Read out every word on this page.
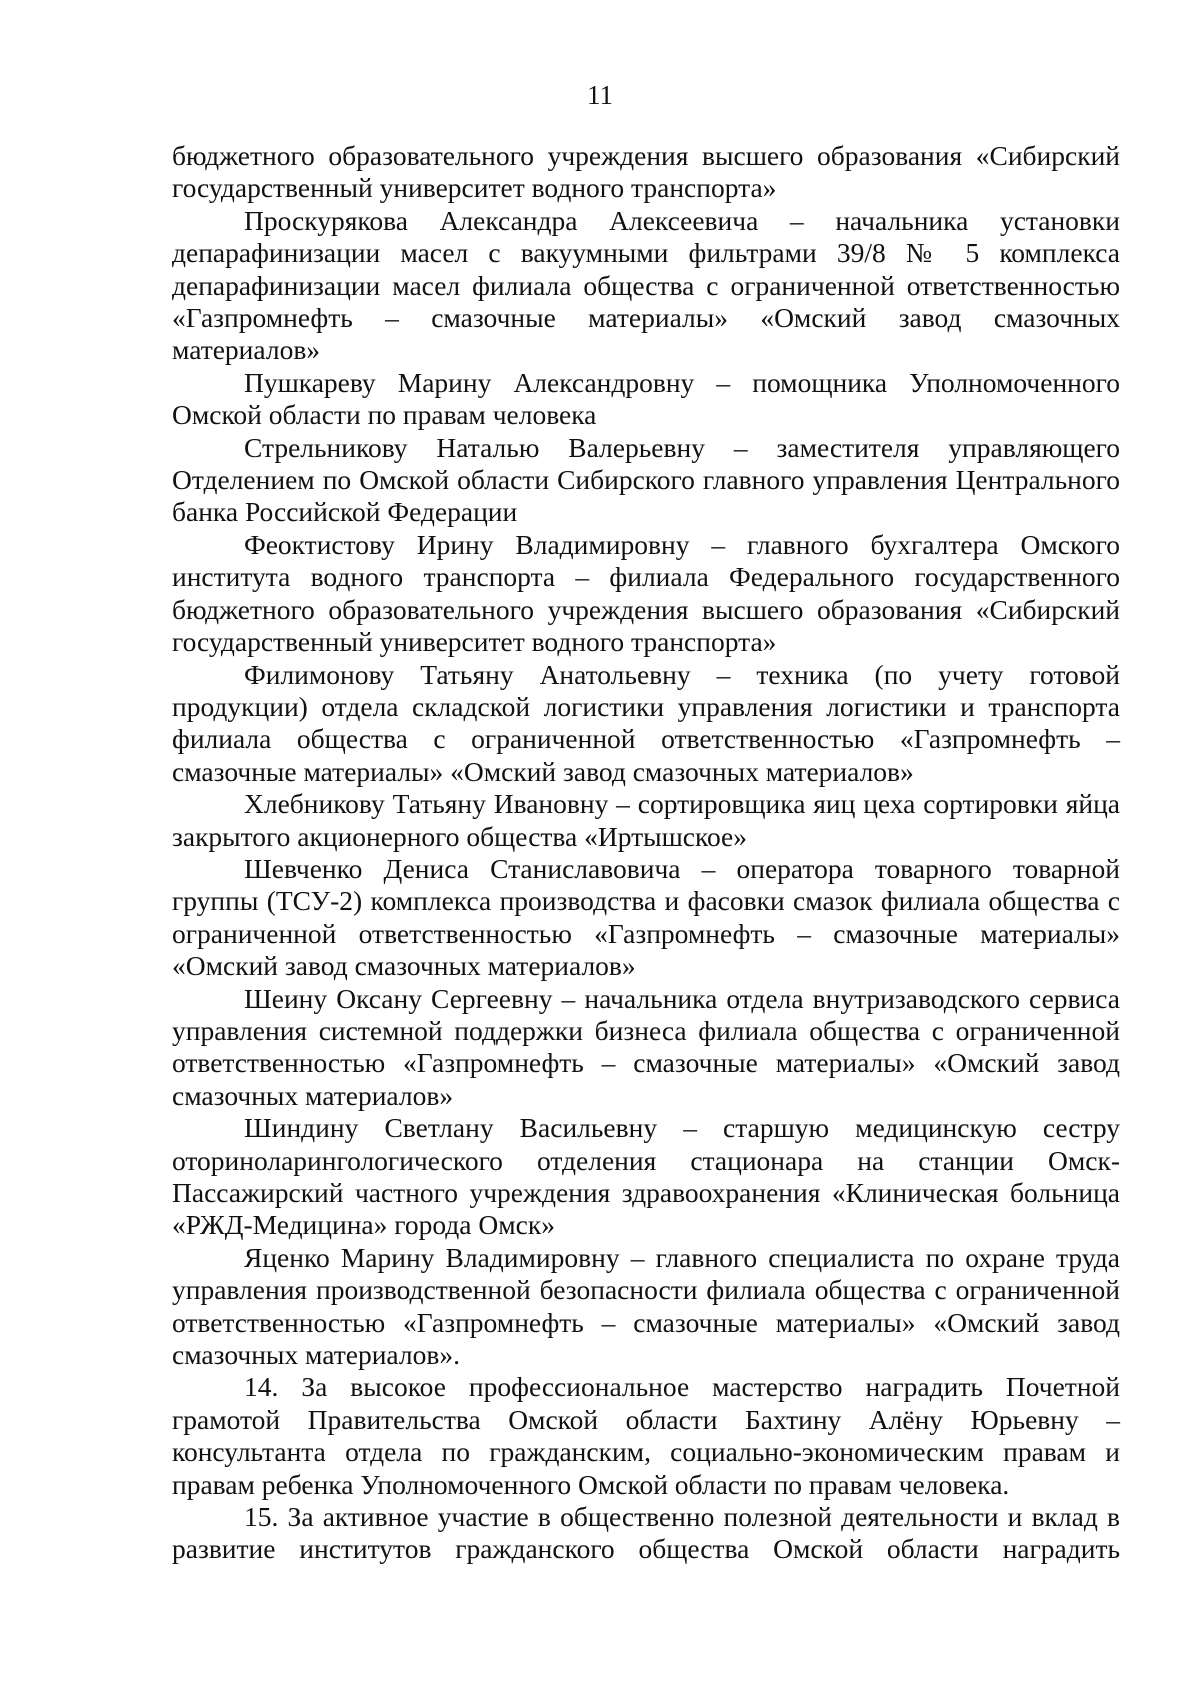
11

бюджетного образовательного учреждения высшего образования «Сибирский государственный университет водного транспорта»

Проскурякова Александра Алексеевича – начальника установки депарафинизации масел с вакуумными фильтрами 39/8 № 5 комплекса депарафинизации масел филиала общества с ограниченной ответственностью «Газпромнефть – смазочные материалы» «Омский завод смазочных материалов»

Пушкареву Марину Александровну – помощника Уполномоченного Омской области по правам человека

Стрельникову Наталью Валерьевну – заместителя управляющего Отделением по Омской области Сибирского главного управления Центрального банка Российской Федерации

Феоктистову Ирину Владимировну – главного бухгалтера Омского института водного транспорта – филиала Федерального государственного бюджетного образовательного учреждения высшего образования «Сибирский государственный университет водного транспорта»

Филимонову Татьяну Анатольевну – техника (по учету готовой продукции) отдела складской логистики управления логистики и транспорта филиала общества с ограниченной ответственностью «Газпромнефть – смазочные материалы» «Омский завод смазочных материалов»

Хлебникову Татьяну Ивановну – сортировщика яиц цеха сортировки яйца закрытого акционерного общества «Иртышское»

Шевченко Дениса Станиславовича – оператора товарного товарной группы (ТСУ-2) комплекса производства и фасовки смазок филиала общества с ограниченной ответственностью «Газпромнефть – смазочные материалы» «Омский завод смазочных материалов»

Шеину Оксану Сергеевну – начальника отдела внутризаводского сервиса управления системной поддержки бизнеса филиала общества с ограниченной ответственностью «Газпромнефть – смазочные материалы» «Омский завод смазочных материалов»

Шиндину Светлану Васильевну – старшую медицинскую сестру оториноларингологического отделения стационара на станции Омск-Пассажирский частного учреждения здравоохранения «Клиническая больница «РЖД-Медицина» города Омск»

Яценко Марину Владимировну – главного специалиста по охране труда управления производственной безопасности филиала общества с ограниченной ответственностью «Газпромнефть – смазочные материалы» «Омский завод смазочных материалов».

14. За высокое профессиональное мастерство наградить Почетной грамотой Правительства Омской области Бахтину Алёну Юрьевну – консультанта отдела по гражданским, социально-экономическим правам и правам ребенка Уполномоченного Омской области по правам человека.

15. За активное участие в общественно полезной деятельности и вклад в развитие институтов гражданского общества Омской области наградить
